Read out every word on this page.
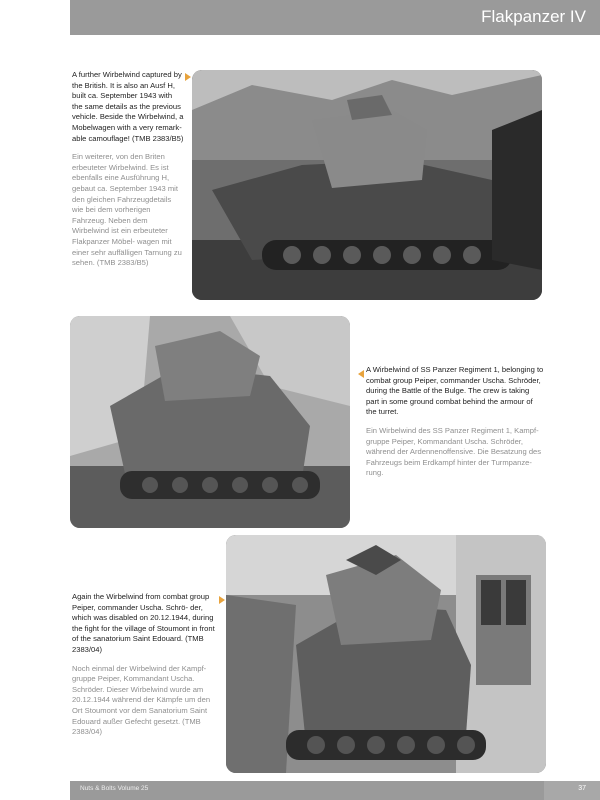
Flakpanzer IV

A further Wirbelwind captured by the British. It is also an Ausf H, built ca. September 1943 with the same details as the previous vehicle. Beside the Wirbelwind, a Mobelwagen with a very remark- able camouflage! (TMB 2383/B5)

Ein weiterer, von den Briten erbeuteter Wirbelwind. Es ist ebenfalls eine Ausführung H, gebaut ca. September 1943 mit den gleichen Fahrzeugdetails wie bei dem vorherigen Fahrzeug. Neben dem Wirbelwind ist ein erbeuteter Flakpanzer Möbel- wagen mit einer sehr auffälligen Tarnung zu sehen. (TMB 2383/B5)

A Wirbelwind of SS Panzer Regiment 1, belonging to combat group Peiper, commander Uscha. Schröder, during the Battle of the Bulge. The crew is taking part in some ground combat behind the armour of the turret.

Ein Wirbelwind des SS Panzer Regiment 1, Kampf- gruppe Peiper, Kommandant Uscha. Schröder, während der Ardennenoffensive. Die Besatzung des Fahrzeugs beim Erdkampf hinter der Turmpanze- rung.

Again the Wirbelwind from combat group Peiper, commander Uscha. Schrö- der, which was disabled on 20.12.1944, during the fight for the village of Stoumont in front of the sanatorium Saint Edouard. (TMB 2383/04)

Noch einmal der Wirbelwind der Kampf- gruppe Peiper, Kommandant Uscha. Schröder. Dieser Wirbelwind wurde am 20.12.1944 während der Kämpfe um den Ort Stoumont vor dem Sanatorium Saint Edouard außer Gefecht gesetzt. (TMB 2383/04)

Nuts & Bolts Volume 25	37
